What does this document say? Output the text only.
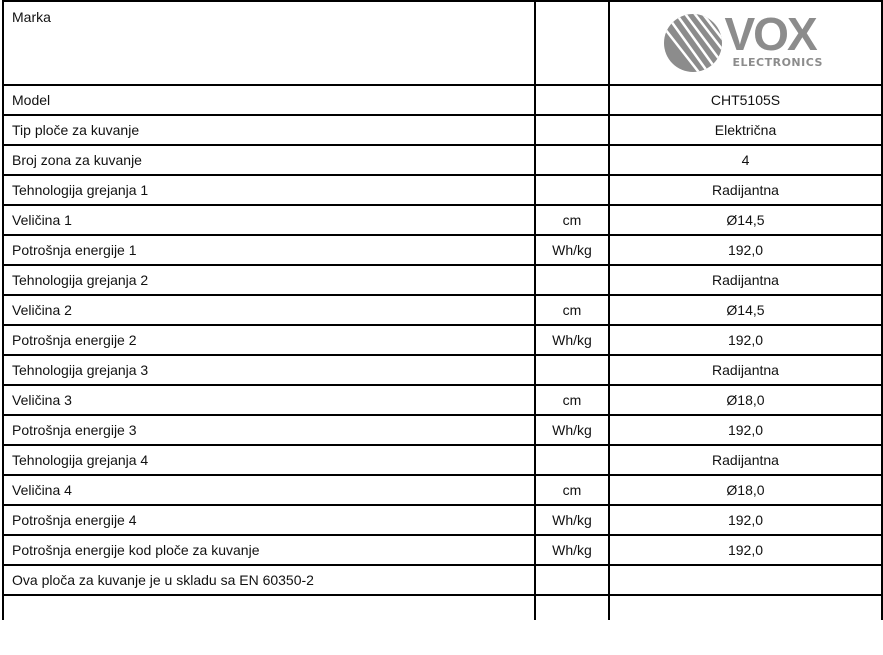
Marka		VOX
ELECTRONICS

Model		CHT5105S
Tip ploče za kuvanje		Električna
Broj zona za kuvanje		4
Tehnologija grejanja 1		Radijantna
Veličina 1	cm	Ø14,5
Potrošnja energije 1	Wh/kg	192,0
Tehnologija grejanja 2		Radijantna
Veličina 2	cm	Ø14,5
Potrošnja energije 2	Wh/kg	192,0
Tehnologija grejanja 3		Radijantna
Veličina 3	cm	Ø18,0
Potrošnja energije 3	Wh/kg	192,0
Tehnologija grejanja 4		Radijantna
Veličina 4	cm	Ø18,0
Potrošnja energije 4	Wh/kg	192,0
Potrošnja energije kod ploče za kuvanje	Wh/kg	192,0
Ova ploča za kuvanje je u skladu sa EN 60350-2		
